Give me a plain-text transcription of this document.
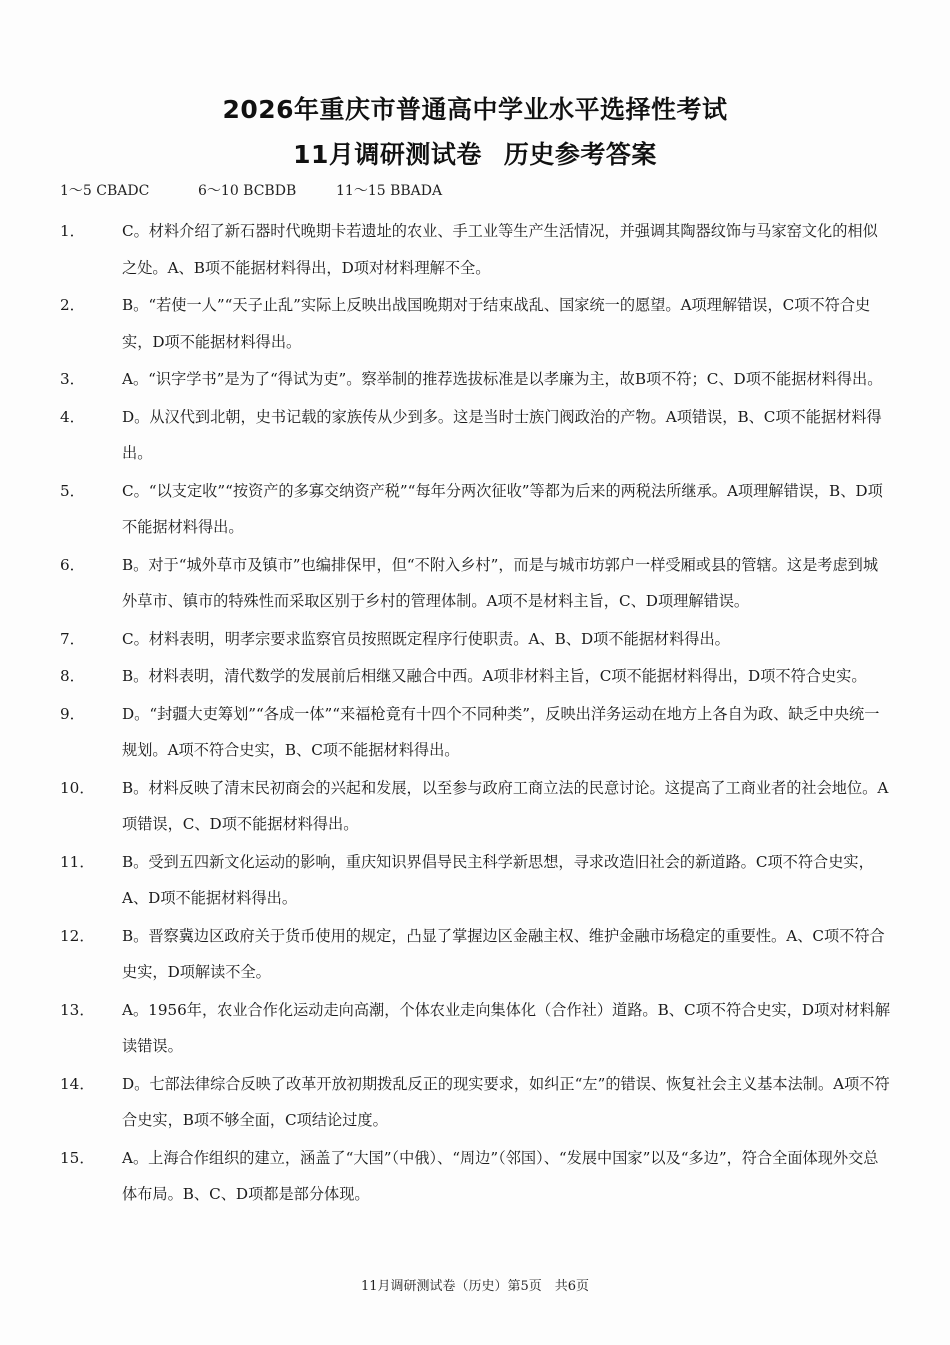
2026年重庆市普通高中学业水平选择性考试
11月调研测试卷 历史参考答案
1～5 CBADC	6～10 BCBDB	11～15 BBADA
1．	C。材料介绍了新石器时代晚期卡若遗址的农业、手工业等生产生活情况，并强调其陶器纹饰与马家窑文化的相似之处。A、B项不能据材料得出，D项对材料理解不全。
2．	B。“若使一人”“天子止乱”实际上反映出战国晚期对于结束战乱、国家统一的愿望。A项理解错误，C项不符合史实，D项不能据材料得出。
3．	A。“识字学书”是为了“得试为吏”。察举制的推荐选拔标准是以孝廉为主，故B项不符；C、D项不能据材料得出。
4．	D。从汉代到北朝，史书记载的家族传从少到多。这是当时士族门阀政治的产物。A项错误，B、C项不能据材料得出。
5．	C。“以支定收”“按资产的多寡交纳资产税”“每年分两次征收”等都为后来的两税法所继承。A项理解错误，B、D项不能据材料得出。
6．	B。对于“城外草市及镇市”也编排保甲，但“不附入乡村”，而是与城市坊郭户一样受厢或县的管辖。这是考虑到城外草市、镇市的特殊性而采取区别于乡村的管理体制。A项不是材料主旨，C、D项理解错误。
7．	C。材料表明，明孝宗要求监察官员按照既定程序行使职责。A、B、D项不能据材料得出。
8．	B。材料表明，清代数学的发展前后相继又融合中西。A项非材料主旨，C项不能据材料得出，D项不符合史实。
9．	D。“封疆大吏筹划”“各成一体”“来福枪竟有十四个不同种类”，反映出洋务运动在地方上各自为政、缺乏中央统一规划。A项不符合史实，B、C项不能据材料得出。
10．	B。材料反映了清末民初商会的兴起和发展，以至参与政府工商立法的民意讨论。这提高了工商业者的社会地位。A项错误，C、D项不能据材料得出。
11．	B。受到五四新文化运动的影响，重庆知识界倡导民主科学新思想，寻求改造旧社会的新道路。C项不符合史实，A、D项不能据材料得出。
12．	B。晋察冀边区政府关于货币使用的规定，凸显了掌握边区金融主权、维护金融市场稳定的重要性。A、C项不符合史实，D项解读不全。
13．	A。1956年，农业合作化运动走向高潮，个体农业走向集体化（合作社）道路。B、C项不符合史实，D项对材料解读错误。
14．	D。七部法律综合反映了改革开放初期拨乱反正的现实要求，如纠正“左”的错误、恢复社会主义基本法制。A项不符合史实，B项不够全面，C项结论过度。
15．	A。上海合作组织的建立，涵盖了“大国”（中俄）、“周边”（邻国）、“发展中国家”以及“多边”，符合全面体现外交总体布局。B、C、D项都是部分体现。
11月调研测试卷（历史）第5页　共6页
